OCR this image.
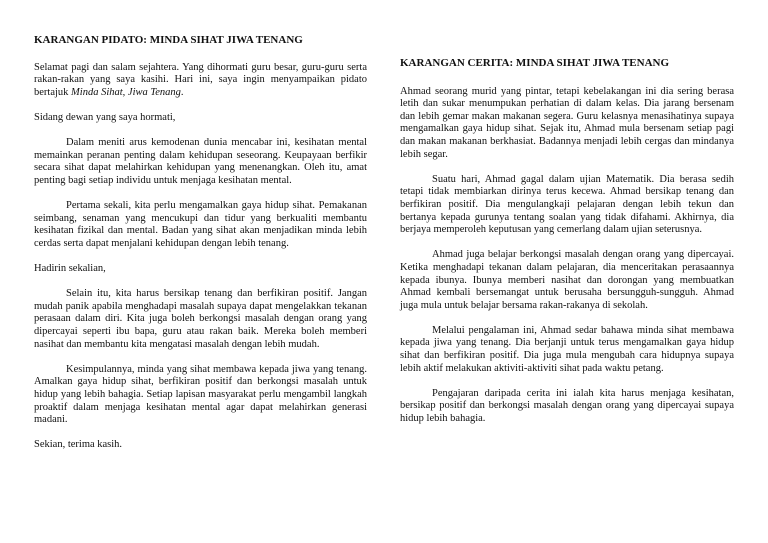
KARANGAN PIDATO: MINDA SIHAT JIWA TENANG

Selamat pagi dan salam sejahtera. Yang dihormati guru besar, guru-guru serta rakan-rakan yang saya kasihi. Hari ini, saya ingin menyampaikan pidato bertajuk Minda Sihat, Jiwa Tenang.

Sidang dewan yang saya hormati,

Dalam meniti arus kemodenan dunia mencabar ini, kesihatan mental memainkan peranan penting dalam kehidupan seseorang. Keupayaan berfikir secara sihat dapat melahirkan kehidupan yang menenangkan. Oleh itu, amat penting bagi setiap individu untuk menjaga kesihatan mental.

Pertama sekali, kita perlu mengamalkan gaya hidup sihat. Pemakanan seimbang, senaman yang mencukupi dan tidur yang berkualiti membantu kesihatan fizikal dan mental. Badan yang sihat akan menjadikan minda lebih cerdas serta dapat menjalani kehidupan dengan lebih tenang.

Hadirin sekalian,

Selain itu, kita harus bersikap tenang dan berfikiran positif. Jangan mudah panik apabila menghadapi masalah supaya dapat mengelakkan tekanan perasaan dalam diri. Kita juga boleh berkongsi masalah dengan orang yang dipercayai seperti ibu bapa, guru atau rakan baik. Mereka boleh memberi nasihat dan membantu kita mengatasi masalah dengan lebih mudah.

Kesimpulannya, minda yang sihat membawa kepada jiwa yang tenang. Amalkan gaya hidup sihat, berfikiran positif dan berkongsi masalah untuk hidup yang lebih bahagia. Setiap lapisan masyarakat perlu mengambil langkah proaktif dalam menjaga kesihatan mental agar dapat melahirkan generasi madani.

Sekian, terima kasih.

KARANGAN CERITA: MINDA SIHAT JIWA TENANG

Ahmad seorang murid yang pintar, tetapi kebelakangan ini dia sering berasa letih dan sukar menumpukan perhatian di dalam kelas. Dia jarang bersenam dan lebih gemar makan makanan segera. Guru kelasnya menasihatinya supaya mengamalkan gaya hidup sihat. Sejak itu, Ahmad mula bersenam setiap pagi dan makan makanan berkhasiat. Badannya menjadi lebih cergas dan mindanya lebih segar.

Suatu hari, Ahmad gagal dalam ujian Matematik. Dia berasa sedih tetapi tidak membiarkan dirinya terus kecewa. Ahmad bersikap tenang dan berfikiran positif. Dia mengulangkaji pelajaran dengan lebih tekun dan bertanya kepada gurunya tentang soalan yang tidak difahami. Akhirnya, dia berjaya memperoleh keputusan yang cemerlang dalam ujian seterusnya.

Ahmad juga belajar berkongsi masalah dengan orang yang dipercayai. Ketika menghadapi tekanan dalam pelajaran, dia menceritakan perasaannya kepada ibunya. Ibunya memberi nasihat dan dorongan yang membuatkan Ahmad kembali bersemangat untuk berusaha bersungguh-sungguh. Ahmad juga mula untuk belajar bersama rakan-rakanya di sekolah.

Melalui pengalaman ini, Ahmad sedar bahawa minda sihat membawa kepada jiwa yang tenang. Dia berjanji untuk terus mengamalkan gaya hidup sihat dan berfikiran positif. Dia juga mula mengubah cara hidupnya supaya lebih aktif melakukan aktiviti-aktiviti sihat pada waktu petang.

Pengajaran daripada cerita ini ialah kita harus menjaga kesihatan, bersikap positif dan berkongsi masalah dengan orang yang dipercayai supaya hidup lebih bahagia.
